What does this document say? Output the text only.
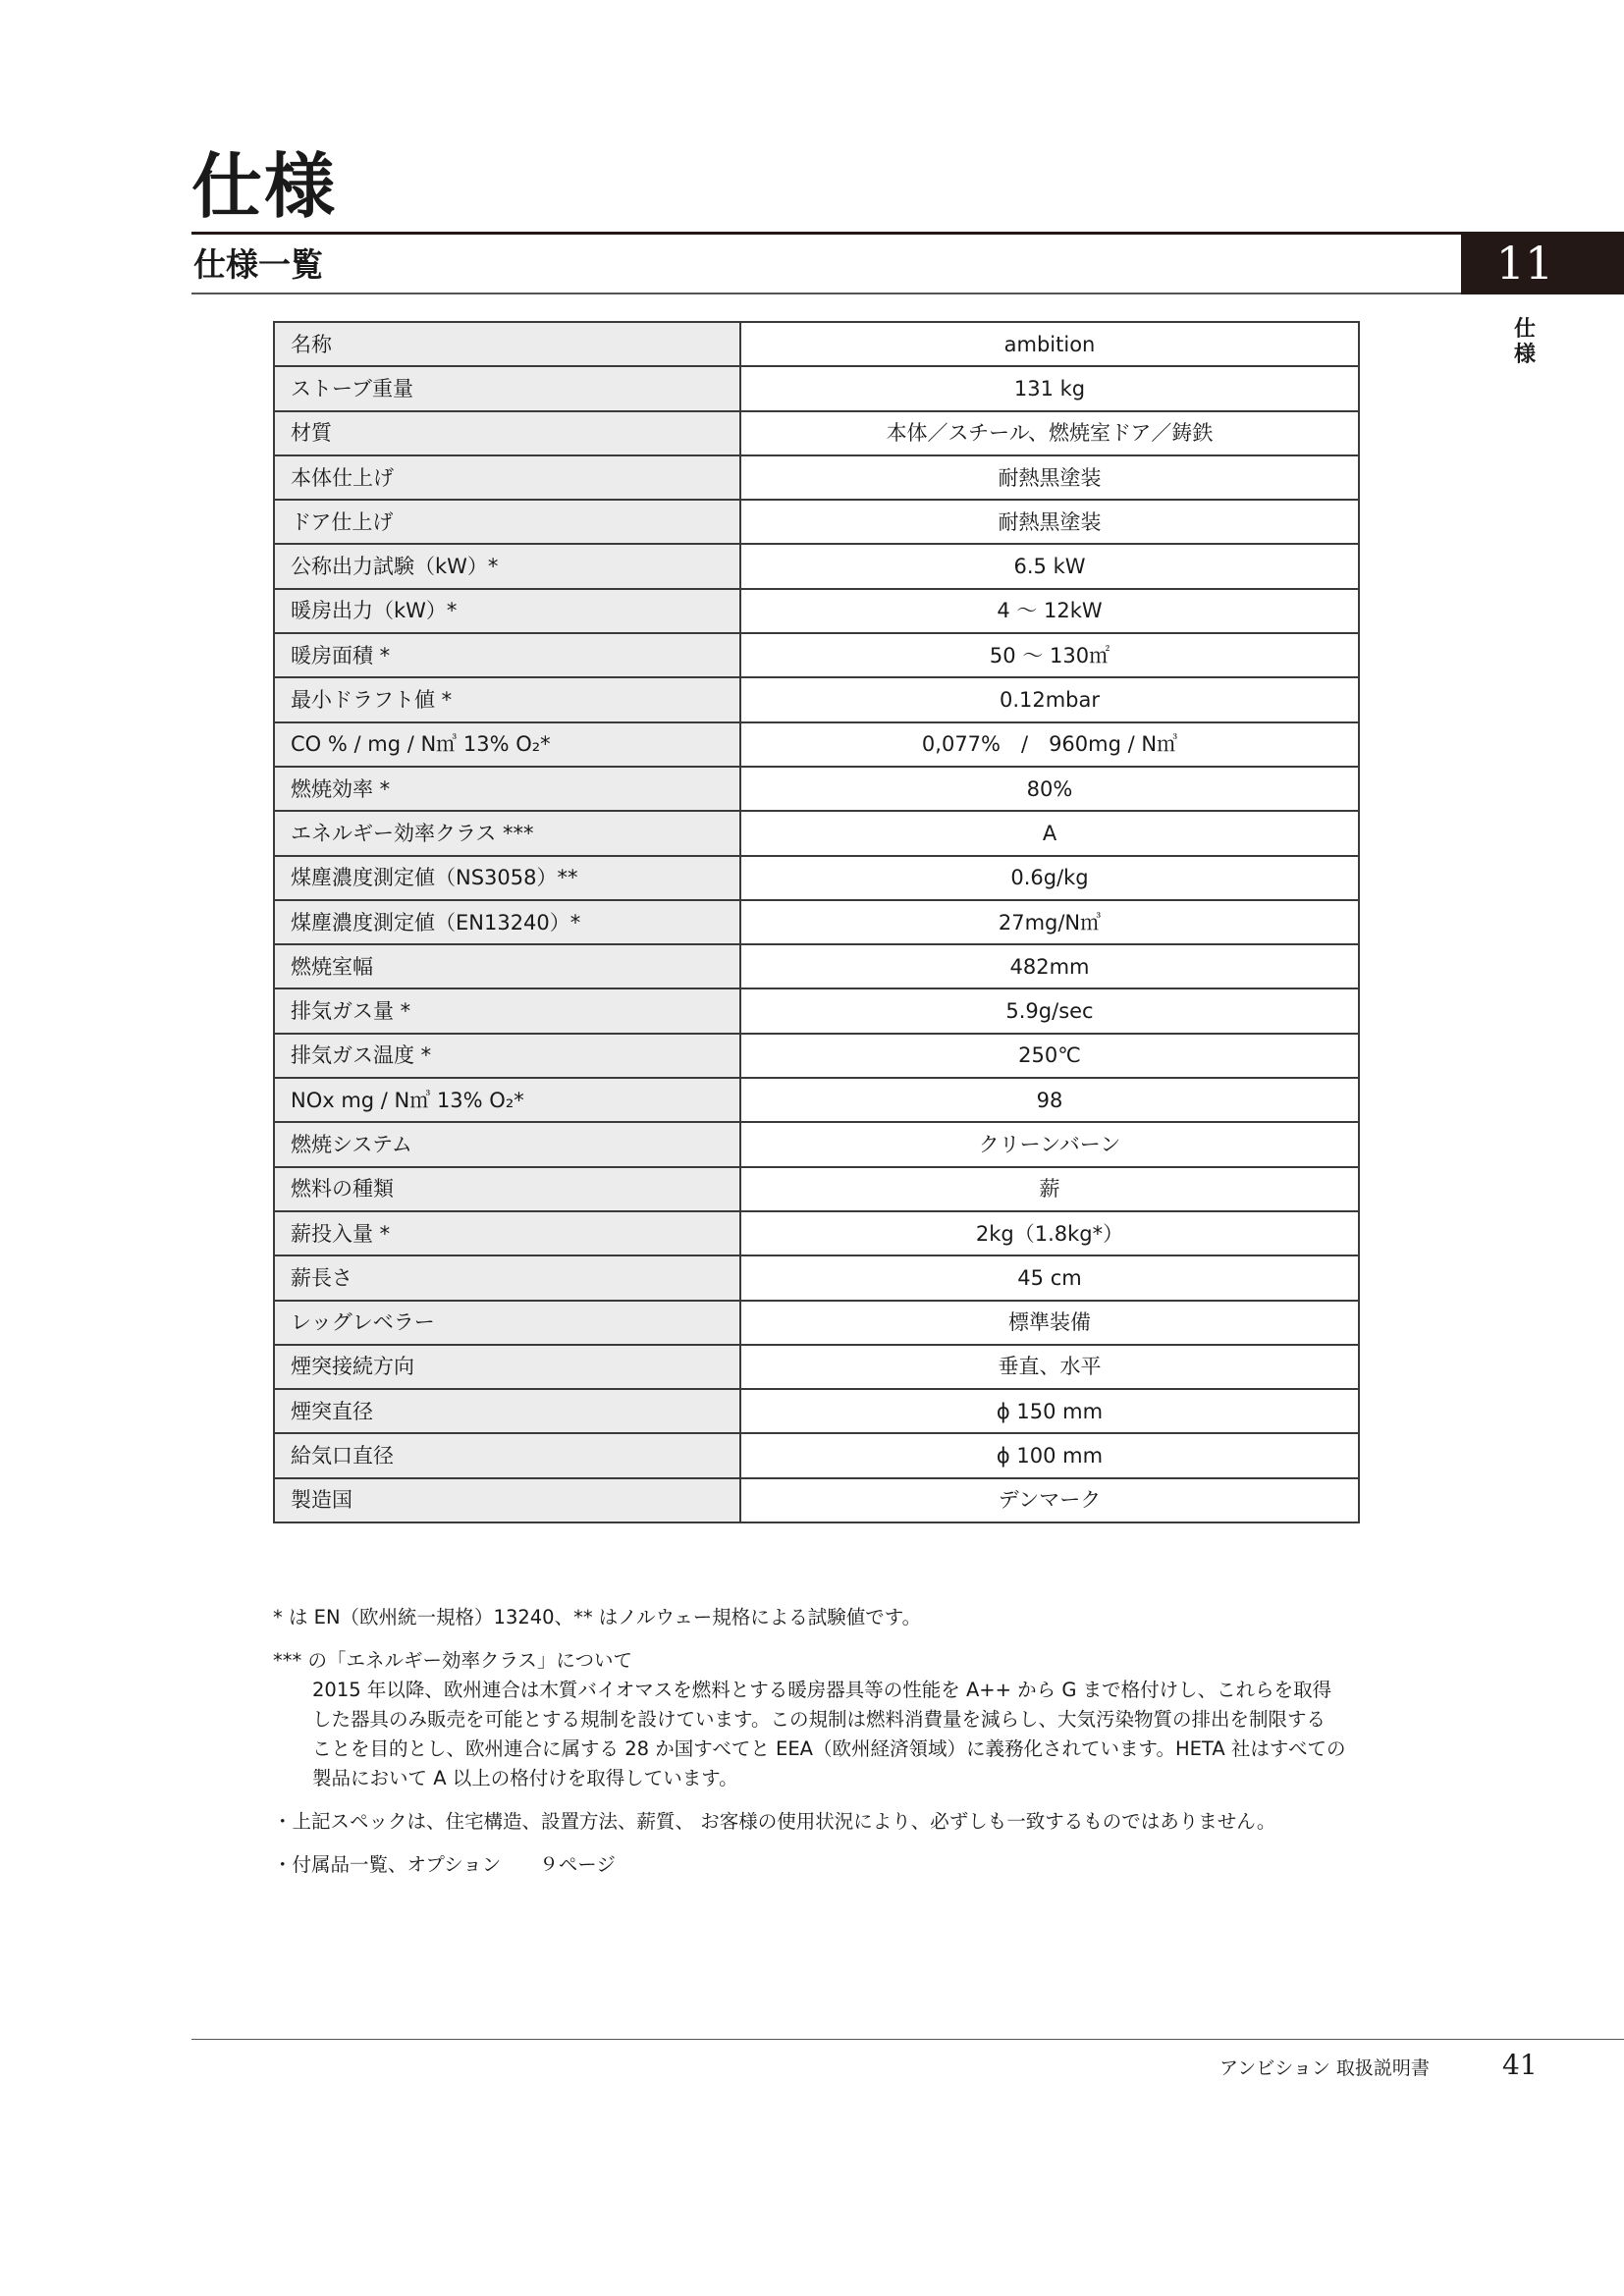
仕様
仕様一覧	11
仕様
名称	ambition
ストーブ重量	131 kg
材質	本体／スチール、燃焼室ドア／鋳鉄
本体仕上げ	耐熱黒塗装
ドア仕上げ	耐熱黒塗装
公称出力試験（kW）*	6.5 kW
暖房出力（kW）*	4 ～ 12kW
暖房面積 *	50 ～ 130㎡
最小ドラフト値 *	0.12mbar
CO % / mg / N㎥ 13% O₂*	0,077%　/　960mg / N㎥
燃焼効率 *	80%
エネルギー効率クラス ***	A
煤塵濃度測定値（NS3058）**	0.6g/kg
煤塵濃度測定値（EN13240）*	27mg/N㎥
燃焼室幅	482mm
排気ガス量 *	5.9g/sec
排気ガス温度 *	250℃
NOx mg / N㎥ 13% O₂*	98
燃焼システム	クリーンバーン
燃料の種類	薪
薪投入量 *	2kg（1.8kg*）
薪長さ	45 cm
レッグレベラー	標準装備
煙突接続方向	垂直、水平
煙突直径	ϕ 150 mm
給気口直径	ϕ 100 mm
製造国	デンマーク

* は EN（欧州統一規格）13240、** はノルウェー規格による試験値です。

*** の「エネルギー効率クラス」について

2015 年以降、欧州連合は木質バイオマスを燃料とする暖房器具等の性能を A++ から G まで格付けし、これらを取得

した器具のみ販売を可能とする規制を設けています。この規制は燃料消費量を減らし、大気汚染物質の排出を制限する

ことを目的とし、欧州連合に属する 28 か国すべてと EEA（欧州経済領域）に義務化されています。HETA 社はすべての

製品において A 以上の格付けを取得しています。

・上記スペックは、住宅構造、設置方法、薪質、 お客様の使用状況により、必ずしも一致するものではありません。

・付属品一覧、オプション　　９ページ

アンビション 取扱説明書	41
